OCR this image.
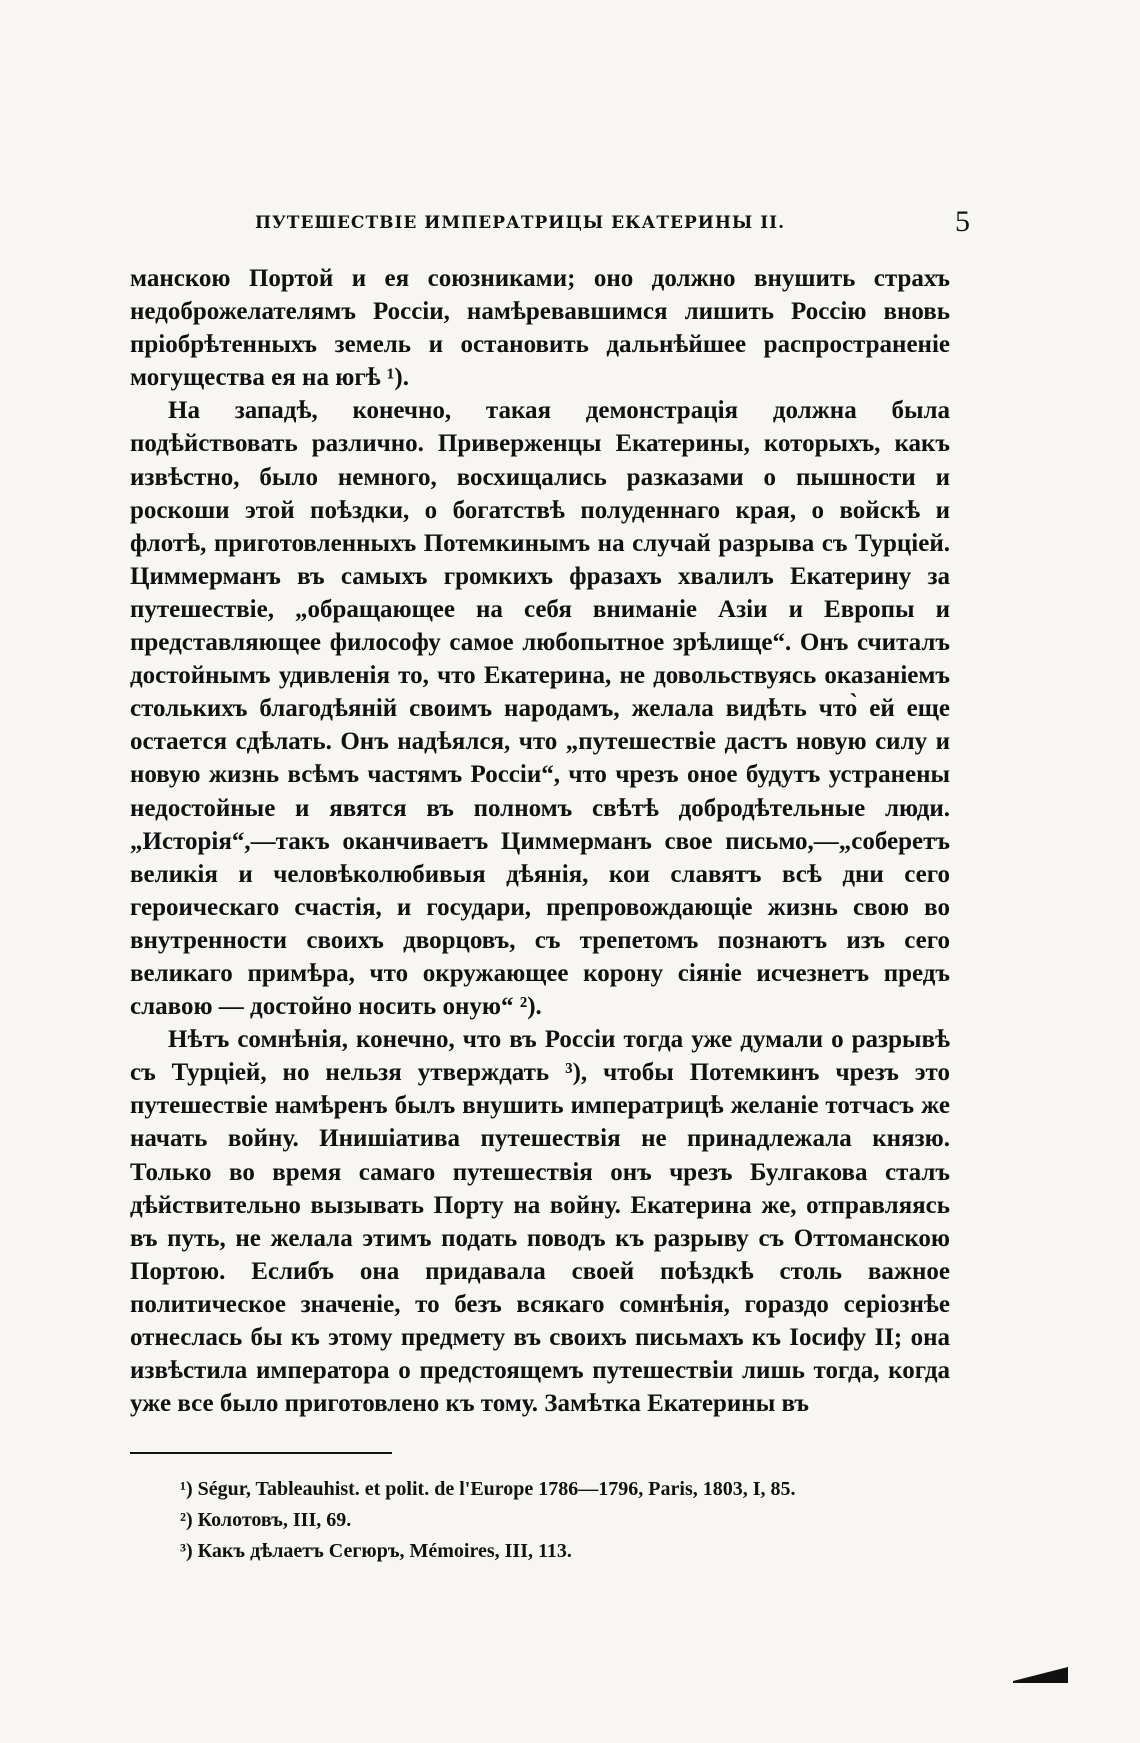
ПУТЕШЕСТВІЕ ИМПЕРАТРИЦЫ ЕКАТЕРИНЫ II.	5

манскою Портой и ея союзниками; оно должно внушить страхъ недоброжелателямъ Россіи, намѣревавшимся лишить Россію вновь пріобрѣтенныхъ земель и остановить дальнѣйшее распространеніе могущества ея на югѣ ¹).

На западѣ, конечно, такая демонстрація должна была подѣйствовать различно. Приверженцы Екатерины, которыхъ, какъ извѣстно, было немного, восхищались разказами о пышности и роскоши этой поѣздки, о богатствѣ полуденнаго края, о войскѣ и флотѣ, приготовленныхъ Потемкинымъ на случай разрыва съ Турціей. Циммерманъ въ самыхъ громкихъ фразахъ хвалилъ Екатерину за путешествіе, „обращающее на себя вниманіе Азіи и Европы и представляющее философу самое любопытное зрѣлище“. Онъ считалъ достойнымъ удивленія то, что Екатерина, не довольствуясь оказаніемъ столькихъ благодѣяній своимъ народамъ, желала видѣть что̀ ей еще остается сдѣлать. Онъ надѣялся, что „путешествіе дастъ новую силу и новую жизнь всѣмъ частямъ Россіи“, что чрезъ оное будутъ устранены недостойные и явятся въ полномъ свѣтѣ добродѣтельные люди. „Исторія“,—такъ оканчиваетъ Циммерманъ свое письмо,—„соберетъ великія и человѣколюбивыя дѣянія, кои славятъ всѣ дни сего героическаго счастія, и государи, препровождающіе жизнь свою во внутренности своихъ дворцовъ, съ трепетомъ познаютъ изъ сего великаго примѣра, что окружающее корону сіяніе исчезнетъ предъ славою — достойно носить оную“ ²).

Нѣтъ сомнѣнія, конечно, что въ Россіи тогда уже думали о разрывѣ съ Турціей, но нельзя утверждать ³), чтобы Потемкинъ чрезъ это путешествіе намѣренъ былъ внушить императрицѣ желаніе тотчасъ же начать войну. Инишіатива путешествія не принадлежала князю. Только во время самаго путешествія онъ чрезъ Булгакова сталъ дѣйствительно вызывать Порту на войну. Екатерина же, отправляясь въ путь, не желала этимъ подать поводъ къ разрыву съ Оттоманскою Портою. Еслибъ она придавала своей поѣздкѣ столь важное политическое значеніе, то безъ всякаго сомнѣнія, гораздо серіознѣе отнеслась бы къ этому предмету въ своихъ письмахъ къ Іосифу II; она извѣстила императора о предстоящемъ путешествіи лишь тогда, когда уже все было приготовлено къ тому. Замѣтка Екатерины въ

¹) Ségur, Tableauhist. et polit. de l'Europe 1786—1796, Paris, 1803, I, 85.
²) Колотовъ, III, 69.
³) Какъ дѣлаетъ Сегюръ, Mémoires, III, 113.
